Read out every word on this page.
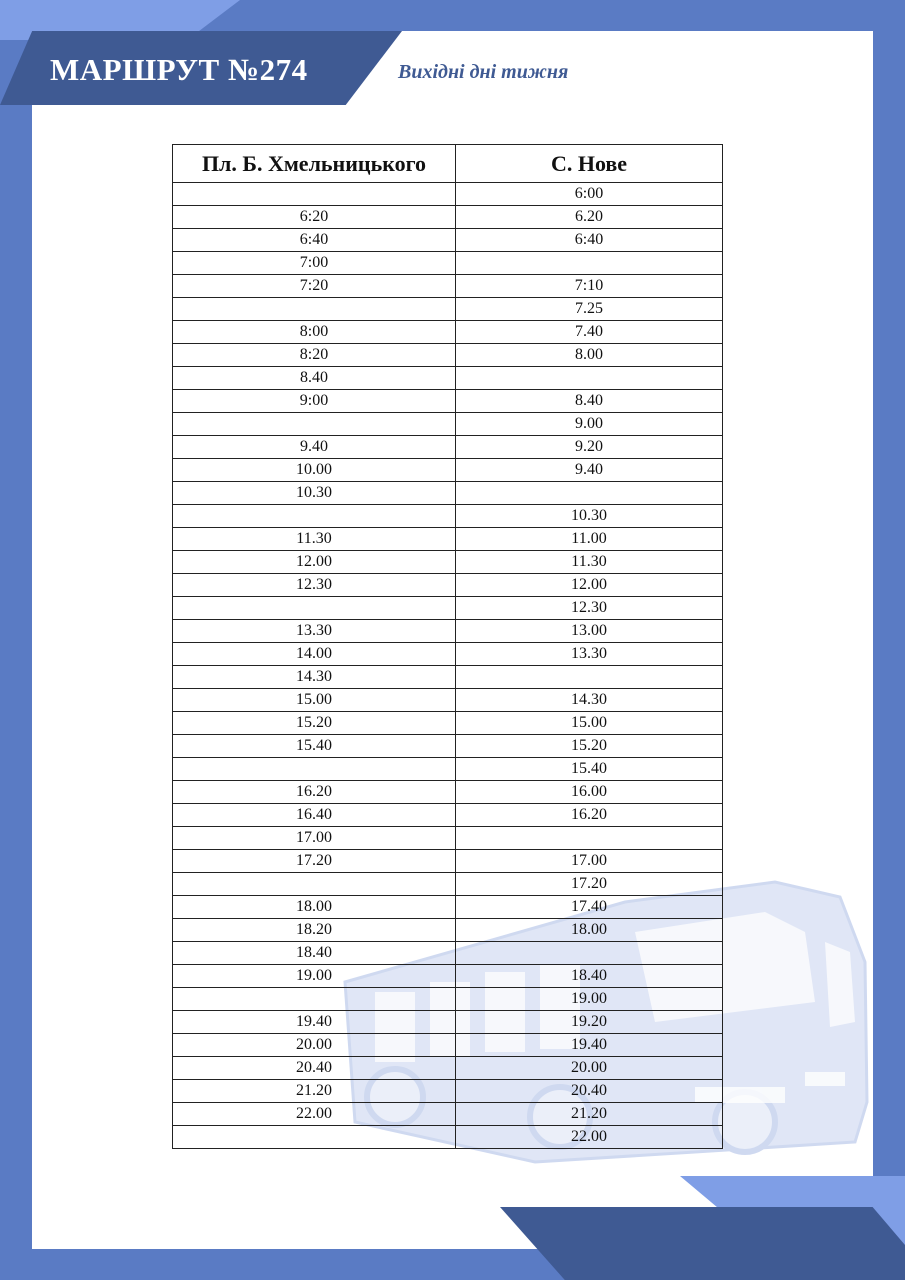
МАРШРУТ №274	Вихідні дні тижня
Пл. Б. Хмельницького	С. Нове
	6:00
6:20	6.20
6:40	6:40
7:00	
7:20	7:10
	7.25
8:00	7.40
8:20	8.00
8.40	
9:00	8.40
	9.00
9.40	9.20
10.00	9.40
10.30	
	10.30
11.30	11.00
12.00	11.30
12.30	12.00
	12.30
13.30	13.00
14.00	13.30
14.30	
15.00	14.30
15.20	15.00
15.40	15.20
	15.40
16.20	16.00
16.40	16.20
17.00	
17.20	17.00
	17.20
18.00	17.40
18.20	18.00
18.40	
19.00	18.40
	19.00
19.40	19.20
20.00	19.40
20.40	20.00
21.20	20.40
22.00	21.20
	22.00
